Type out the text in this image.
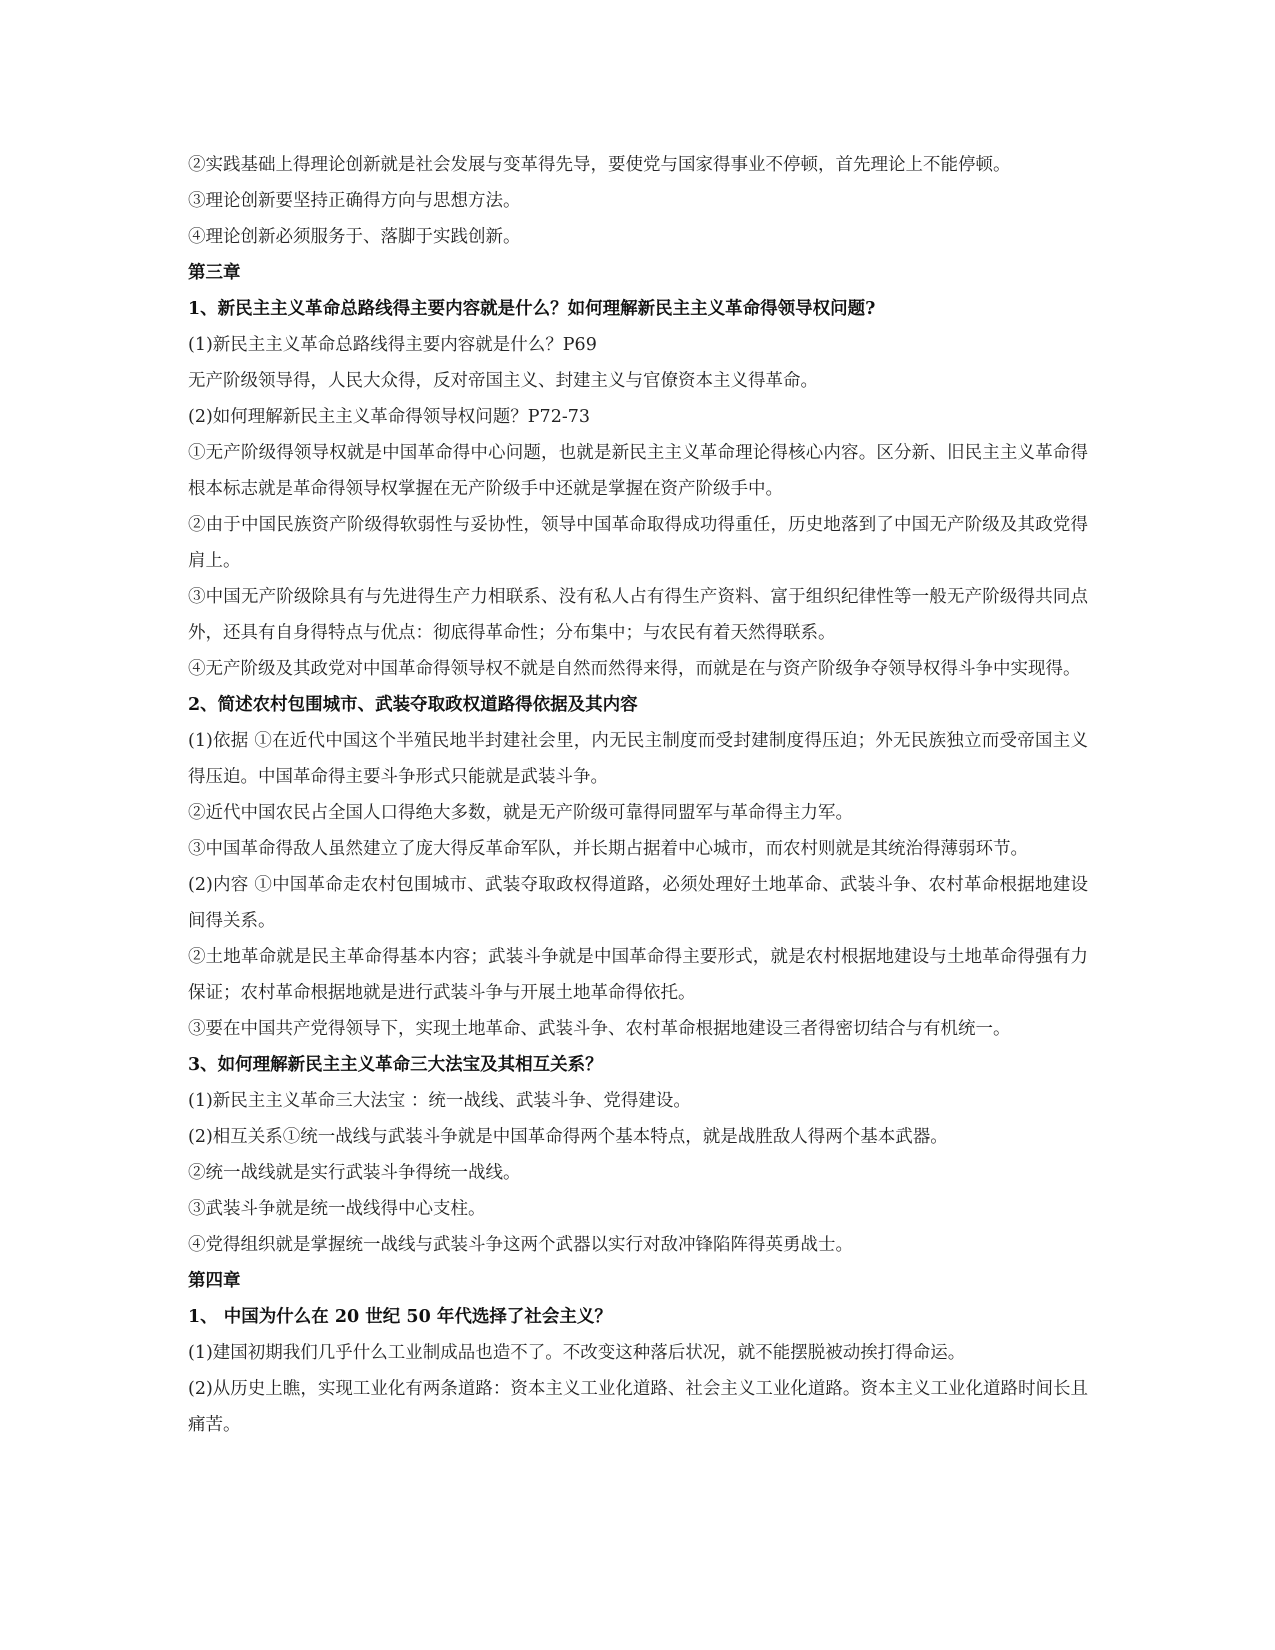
②实践基础上得理论创新就是社会发展与变革得先导，要使党与国家得事业不停顿，首先理论上不能停顿。

③理论创新要坚持正确得方向与思想方法。

④理论创新必须服务于、落脚于实践创新。

第三章

1、新民主主义革命总路线得主要内容就是什么？如何理解新民主主义革命得领导权问题?

(1)新民主主义革命总路线得主要内容就是什么？P69

无产阶级领导得，人民大众得，反对帝国主义、封建主义与官僚资本主义得革命。

(2)如何理解新民主主义革命得领导权问题？P72-73

①无产阶级得领导权就是中国革命得中心问题，也就是新民主主义革命理论得核心内容。区分新、旧民主主义革命得根本标志就是革命得领导权掌握在无产阶级手中还就是掌握在资产阶级手中。

②由于中国民族资产阶级得软弱性与妥协性，领导中国革命取得成功得重任，历史地落到了中国无产阶级及其政党得肩上。

③中国无产阶级除具有与先进得生产力相联系、没有私人占有得生产资料、富于组织纪律性等一般无产阶级得共同点外，还具有自身得特点与优点：彻底得革命性；分布集中；与农民有着天然得联系。

④无产阶级及其政党对中国革命得领导权不就是自然而然得来得，而就是在与资产阶级争夺领导权得斗争中实现得。

2、简述农村包围城市、武装夺取政权道路得依据及其内容

(1)依据 ①在近代中国这个半殖民地半封建社会里，内无民主制度而受封建制度得压迫；外无民族独立而受帝国主义得压迫。中国革命得主要斗争形式只能就是武装斗争。

②近代中国农民占全国人口得绝大多数，就是无产阶级可靠得同盟军与革命得主力军。

③中国革命得敌人虽然建立了庞大得反革命军队，并长期占据着中心城市，而农村则就是其统治得薄弱环节。

(2)内容 ①中国革命走农村包围城市、武装夺取政权得道路，必须处理好土地革命、武装斗争、农村革命根据地建设间得关系。

②土地革命就是民主革命得基本内容；武装斗争就是中国革命得主要形式，就是农村根据地建设与土地革命得强有力保证；农村革命根据地就是进行武装斗争与开展土地革命得依托。

③要在中国共产党得领导下，实现土地革命、武装斗争、农村革命根据地建设三者得密切结合与有机统一。

3、如何理解新民主主义革命三大法宝及其相互关系？

(1)新民主主义革命三大法宝 ：统一战线、武装斗争、党得建设。

(2)相互关系①统一战线与武装斗争就是中国革命得两个基本特点，就是战胜敌人得两个基本武器。

②统一战线就是实行武装斗争得统一战线。

③武装斗争就是统一战线得中心支柱。

④党得组织就是掌握统一战线与武装斗争这两个武器以实行对敌冲锋陷阵得英勇战士。

第四章

1、 中国为什么在 20 世纪 50 年代选择了社会主义？

(1)建国初期我们几乎什么工业制成品也造不了。不改变这种落后状况，就不能摆脱被动挨打得命运。

(2)从历史上瞧，实现工业化有两条道路：资本主义工业化道路、社会主义工业化道路。资本主义工业化道路时间长且痛苦。
